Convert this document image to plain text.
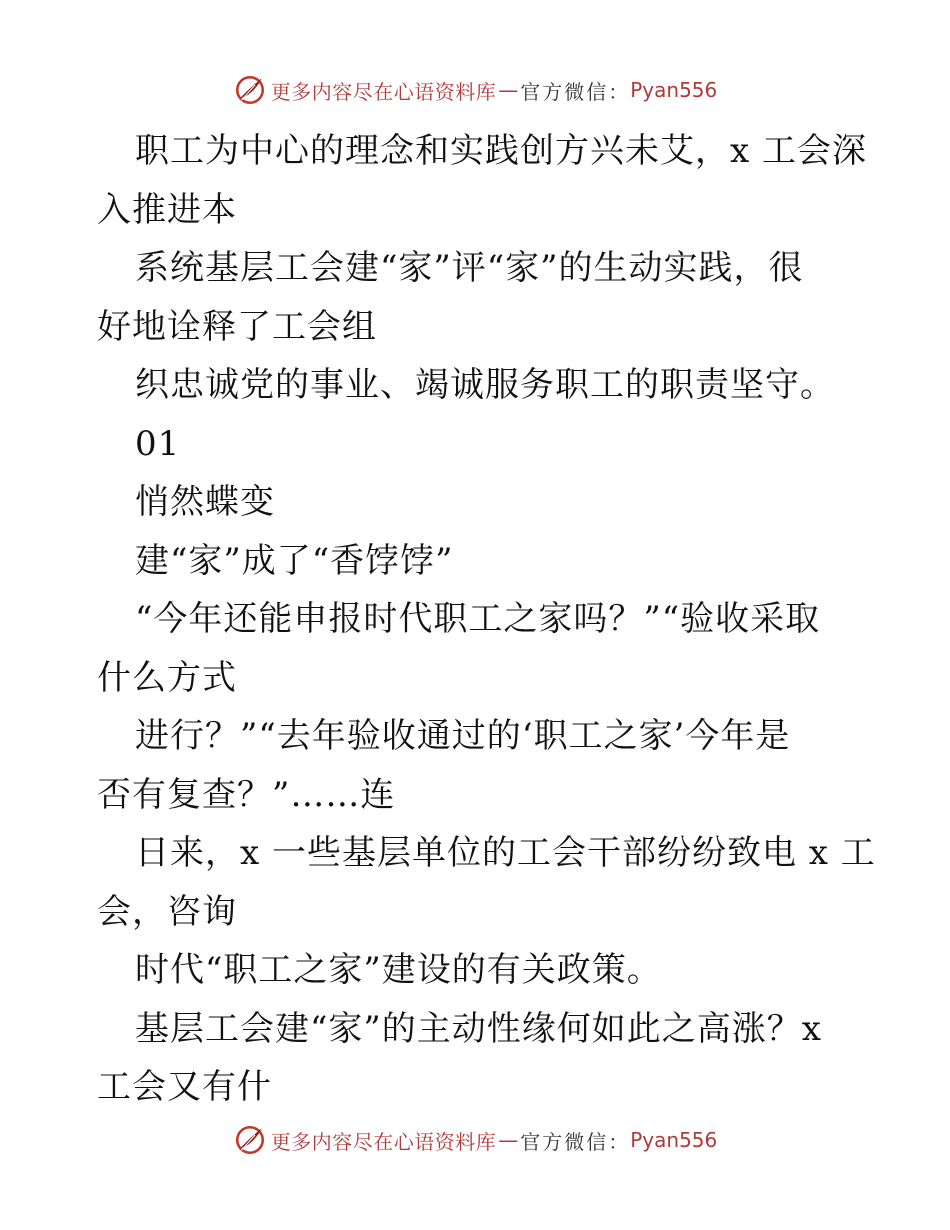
更多内容尽在心语资料库 — 官方微信： Pyan556
职工为中心的理念和实践创方兴未艾，x 工会深
入推进本
系统基层工会建“家”评“家”的生动实践，很
好地诠释了工会组
织忠诚党的事业、竭诚服务职工的职责坚守。
01
悄然蝶变
建“家”成了“香饽饽”
“今年还能申报时代职工之家吗？”“验收采取
什么方式
进行？”“去年验收通过的‘职工之家’今年是
否有复查？”……连
日来，x 一些基层单位的工会干部纷纷致电 x 工
会，咨询
时代“职工之家”建设的有关政策。
基层工会建“家”的主动性缘何如此之高涨？x
工会又有什
更多内容尽在心语资料库 — 官方微信： Pyan556
